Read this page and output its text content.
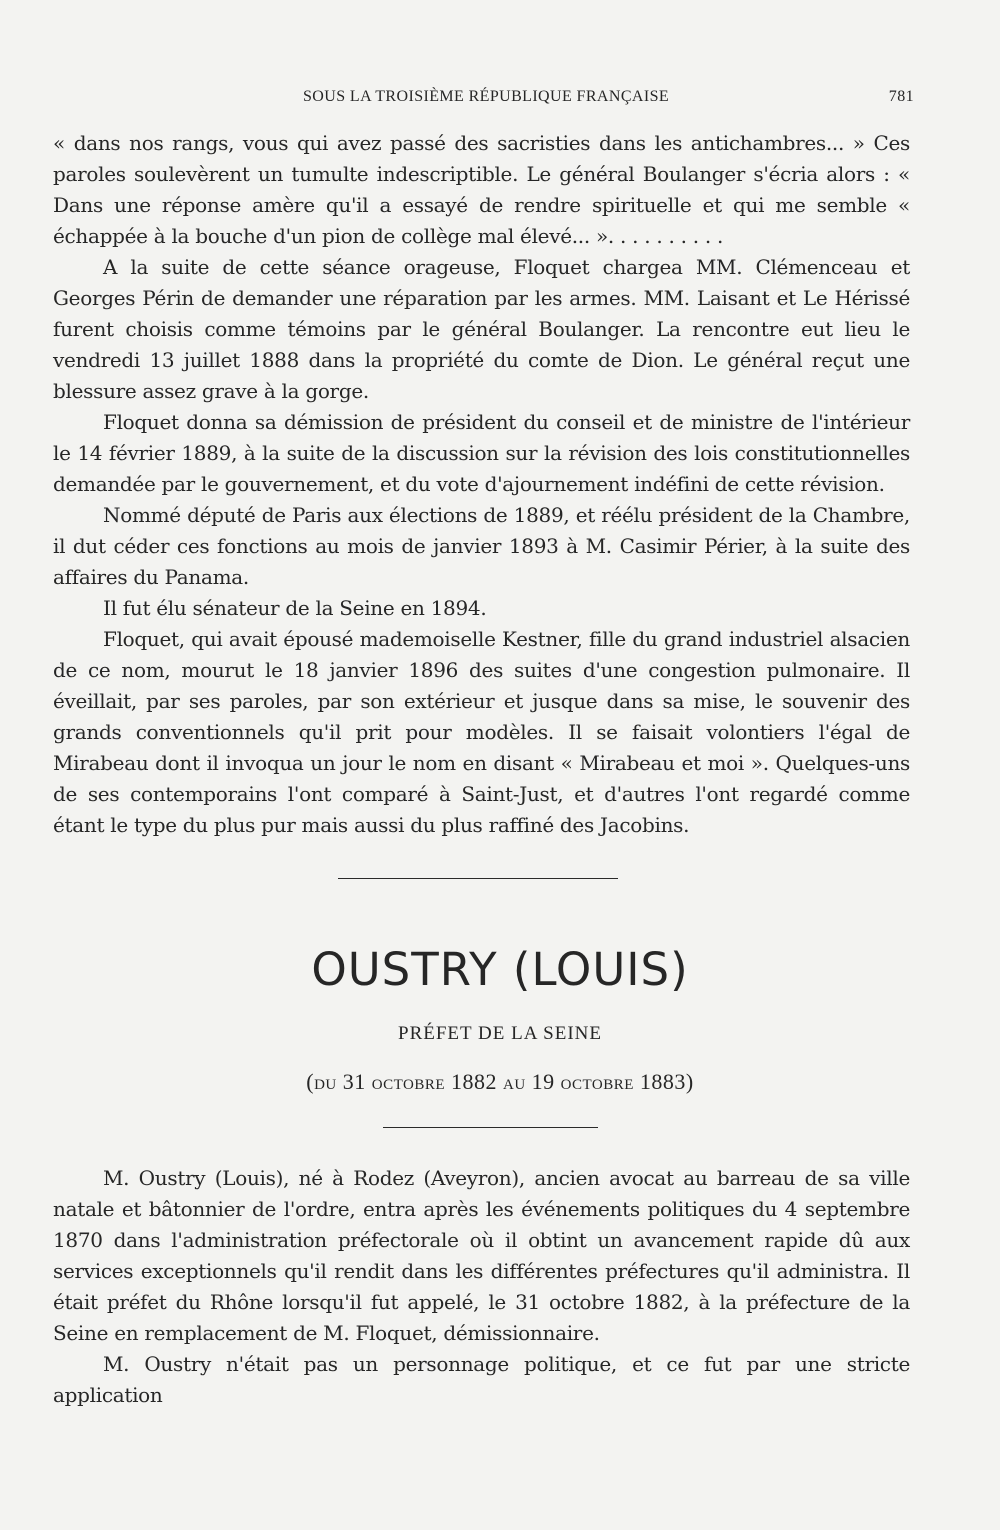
SOUS LA TROISIÈME RÉPUBLIQUE FRANÇAISE	781

« dans nos rangs, vous qui avez passé des sacristies dans les antichambres... » Ces paroles soulevèrent un tumulte indescriptible. Le général Boulanger s'écria alors : « Dans une réponse amère qu'il a essayé de rendre spirituelle et qui me semble « échappée à la bouche d'un pion de collège mal élevé... ». . . . . . . . . .

A la suite de cette séance orageuse, Floquet chargea MM. Clémenceau et Georges Périn de demander une réparation par les armes. MM. Laisant et Le Hérissé furent choisis comme témoins par le général Boulanger. La rencontre eut lieu le vendredi 13 juillet 1888 dans la propriété du comte de Dion. Le général reçut une blessure assez grave à la gorge.

Floquet donna sa démission de président du conseil et de ministre de l'intérieur le 14 février 1889, à la suite de la discussion sur la révision des lois constitutionnelles demandée par le gouvernement, et du vote d'ajournement indéfini de cette révision.

Nommé député de Paris aux élections de 1889, et réélu président de la Chambre, il dut céder ces fonctions au mois de janvier 1893 à M. Casimir Périer, à la suite des affaires du Panama.

Il fut élu sénateur de la Seine en 1894.

Floquet, qui avait épousé mademoiselle Kestner, fille du grand industriel alsacien de ce nom, mourut le 18 janvier 1896 des suites d'une congestion pulmonaire. Il éveillait, par ses paroles, par son extérieur et jusque dans sa mise, le souvenir des grands conventionnels qu'il prit pour modèles. Il se faisait volontiers l'égal de Mirabeau dont il invoqua un jour le nom en disant « Mirabeau et moi ». Quelques-uns de ses contemporains l'ont comparé à Saint-Just, et d'autres l'ont regardé comme étant le type du plus pur mais aussi du plus raffiné des Jacobins.

OUSTRY (LOUIS)
PRÉFET DE LA SEINE
(du 31 octobre 1882 au 19 octobre 1883)

M. Oustry (Louis), né à Rodez (Aveyron), ancien avocat au barreau de sa ville natale et bâtonnier de l'ordre, entra après les événements politiques du 4 septembre 1870 dans l'administration préfectorale où il obtint un avancement rapide dû aux services exceptionnels qu'il rendit dans les différentes préfectures qu'il administra. Il était préfet du Rhône lorsqu'il fut appelé, le 31 octobre 1882, à la préfecture de la Seine en remplacement de M. Floquet, démissionnaire.

M. Oustry n'était pas un personnage politique, et ce fut par une stricte application
